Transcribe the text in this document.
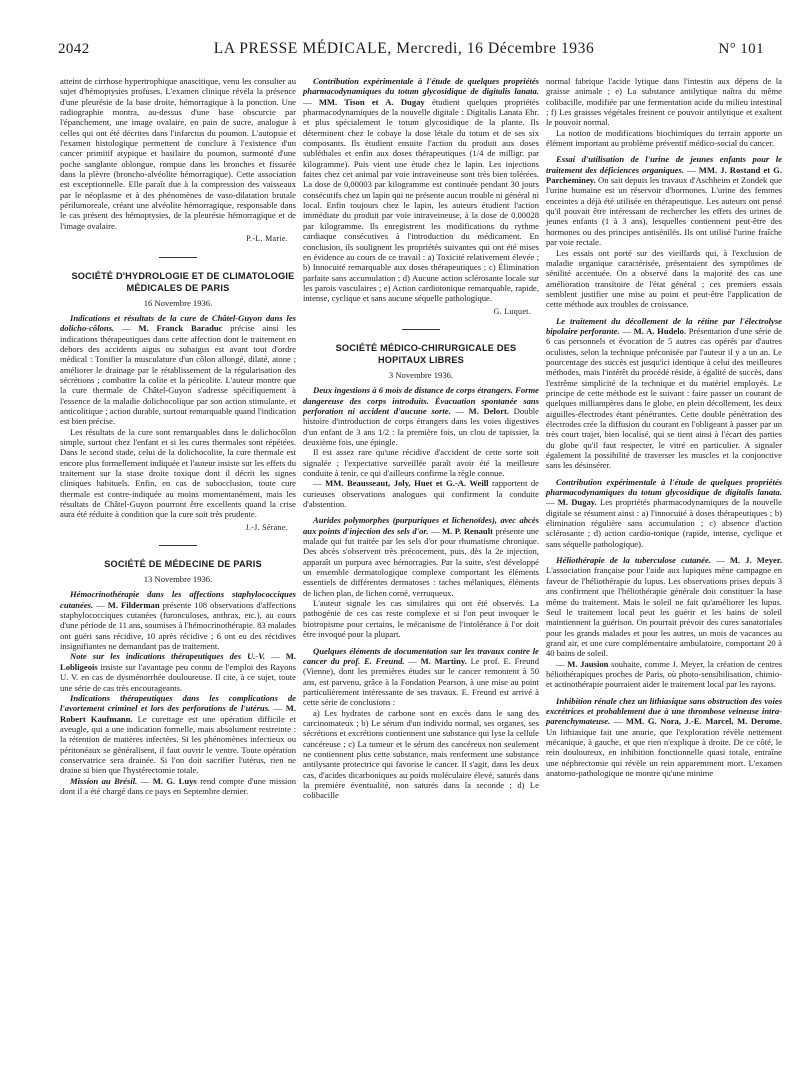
2042	LA PRESSE MÉDICALE, Mercredi, 16 Décembre 1936	N° 101

atteint de cirrhose hypertrophique anascitique, venu les consulter au sujet d'hémoptysies profuses. L'examen clinique révéla la présence d'une pleurésie de la base droite, hémorragique à la ponction. Une radiographie montra, au-dessus d'une base obscurcie par l'épanchement, une image ovalaire, en pain de sucre, analogue à celles qui ont été décrites dans l'infarctus du poumon. L'autopsie et l'examen histologique permettent de conclure à l'existence d'un cancer primitif atypique et basilaire du poumon, surmonté d'une poche sanglante oblongue, rompue dans les bronches et fissurée dans la plèvre (broncho-alvéolite hémorragique). Cette association est exceptionnelle. Elle paraît due à la compression des vaisseaux par le néoplasme et à des phénomènes de vaso-dilatation brutale périlumoreale, créant une alvéolite hémorragique, responsable dans le cas présent des hémoptysies, de la pleurésie hémorragique et de l'image ovalaire.

P.-L. Marie.

SOCIÉTÉ D'HYDROLOGIE ET DE CLIMATOLOGIE MÉDICALES DE PARIS

16 Novembre 1936.

Indications et résultats de la cure de Châtel-Guyon dans les dolicho-côlons. — M. Franck Baraduc précise ainsi les indications thérapeutiques dans cette affection dont le traitement en dehors des accidents aigus ou subaigus est avant tout d'ordre médical : Tonifier la musculature d'un côlon allongé, dilaté, atone ; améliorer le drainage par le rétablissement de la régularisation des sécrétions ; combattre la colite et la péricolite. L'auteur montre que la cure thermale de Châtel-Guyon s'adresse spécifiquement à l'essence de la maladie dolichocolique par son action stimulante, et anticolitique ; action durable, surtout remarquable quand l'indication est bien précise.

Les résultats de la cure sont remarquables dans le dolichocôlon simple, surtout chez l'enfant et si les cures thermales sont répétées. Dans le second stade, celui de la dolichocolite, la cure thermale est encore plus formellement indiquée et l'auteur insiste sur les effets du traitement sur la stase droite toxique dont il décrit les signes cliniques habituels. Enfin, en cas de subocclusion, toute cure thermale est contre-indiquée au moins momentanément, mais les résultats de Châtel-Guyon pourront être excellents quand la crise aura été réduite à condition que la cure soit très prudente.

J.-J. Sérane.

SOCIÉTÉ DE MÉDECINE DE PARIS

13 Novembre 1936.

Hémocrinothérapie dans les affections staphylococciques cutanées. — M. Filderman présente 108 observations d'affections staphylococciques cutanées (furonculoses, anthrax, etc.), au cours d'une période de 11 ans, soumises à l'hémocrinothérapie. 83 malades ont guéri sans récidive, 10 après récidive ; 6 ont eu des récidives insignifiantes ne demandant pas de traitement.

Note sur les indications thérapeutiques des U.-V. — M. Lobligeois insiste sur l'avantage peu connu de l'emploi des Rayons U. V. en cas de dysménorrhée douloureuse. Il cite, à ce sujet, toute une série de cas très encourageants.

Indications thérapeutiques dans les complications de l'avortement criminel et lors des perforations de l'utérus. — M. Robert Kaufmann. Le curettage est une opération difficile et aveugle, qui a une indication formelle, mais absolument restreinte : la rétention de matières infectées. Si les phénomènes infectieux ou péritonéaux se généralisent, il faut ouvrir le ventre. Toute opération conservatrice sera drainée. Si l'on doit sacrifier l'utérus, rien ne draine si bien que l'hystérectomie totale.

Mission au Brésil. — M. G. Luys rend compte d'une mission dont il a été chargé dans ce pays en Septembre dernier.

Contribution expérimentale à l'étude de quelques propriétés pharmacodynamiques du totum glycosidique de digitalis lanata. — MM. Tison et A. Dugay étudient quelques propriétés pharmacodynamiques de la nouvelle digitale : Digitalis Lanata Ehr. et plus spécialement le totum glycosidique de la plante. Ils déterminent chez le cobaye la dose létale du totum et de ses six composants. Ils étudient ensuite l'action du produit aux doses subléthales et enfin aux doses thérapeutiques (1/4 de milligr. par kilogramme). Puis vient une étude chez le lapin. Les injections faites chez cet animal par voie intraveineuse sont très bien tolérées. La dose de 0,00003 par kilogramme est continuée pendant 30 jours consécutifs chez un lapin qui ne présente aucun trouble ni général ni local. Enfin toujours chez le lapin, les auteurs étudient l'action immédiate du produit par voie intraveineuse, à la dose de 0.00028 par kilogramme. Ils enregistrent les modifications du rythme cardiaque consécutives à l'introduction du médicament. En conclusion, ils soulignent les propriétés suivantes qui ont été mises en évidence au cours de ce travail : a) Toxicité relativement élevée ; b) Innocuité remarquable aux doses thérapeutiques ; c) Élimination parfaite sans accumulation ; d) Aucune action sclérosante locale sur les parois vasculaires ; e) Action cardiotonique remarquable, rapide, intense, cyclique et sans aucune séquelle pathologique.

G. Luquet.

SOCIÉTÉ MÉDICO-CHIRURGICALE DES HOPITAUX LIBRES

3 Novembre 1936.

Deux ingestions à 6 mois de distance de corps étrangers. Forme dangereuse des corps introduits. Évacuation spontanée sans perforation ni accident d'aucune sorte. — M. Delort. Double histoire d'introduction de corps étrangers dans les voies digestives d'un enfant de 3 ans 1/2 : la première fois, un clou de tapissier, la deuxième fois, une épingle.

Il est assez rare qu'une récidive d'accident de cette sorte soit signalée ; l'expectative surveillée paraît avoir été la meilleure conduite à tenir, ce qui d'ailleurs confirme la règle connue.

— MM. Beausseaut, Joly, Huet et G.-A. Weill rapportent de curieuses observations analogues qui confirment la conduite d'abstention.

Aurides polymorphes (purpuriques et lichenoïdes), avec abcès aux points d'injection des sels d'or. — M. P. Renault présente une malade qui fut traitée par les sels d'or pour rhumatisme chronique. Des abcès s'observent très précocement, puis, dès la 2e injection, apparaît un purpura avec hémorragies. Par la suite, s'est développé un ensemble dermatologique complexe comportant les éléments essentiels de différentes dermatoses : taches mélaniques, éléments de lichen plan, de lichen corné, verruqueux.

L'auteur signale les cas similaires qui ont été observés. La pathogénie de ces cas reste complexe et si l'on peut invoquer le biotropisme pour certains, le mécanisme de l'intolérance à l'or doit être invoqué pour la plupart.

Quelques éléments de documentation sur les travaux contre le cancer du prof. E. Freund. — M. Martiny. Le prof. E. Freund (Vienne), dont les premières études sur le cancer remontent à 50 ans, est parvenu, grâce à la Fondation Pearson, à une mise au point particulièrement intéressante de ses travaux. E. Freund est arrivé à cette série de conclusions :

a) Les hydrates de carbone sont en excès dans le sang des carcinomateux ; b) Le sérum d'un individu normal, ses organes, ses sécrétions et excrétions contiennent une substance qui lyse la cellule cancéreuse ; c) La tumeur et le sérum des cancéreux non seulement ne contiennent plus cette substance, mais renferment une substance antilysante protectrice qui favorise le cancer. Il s'agit, dans les deux cas, d'acides dicarboniques au poids moléculaire élevé, saturés dans la première éventualité, non saturés dans la seconde ; d) Le colibacille

normal fabrique l'acide lytique dans l'intestin aux dépens de la graisse animale ; e) La substance antilytique naîtra du même colibacille, modifiée par une fermentation acide du milieu intestinal ; f) Les graisses végétales freinent ce pouvoir antilytique et exaltent le pouvoir normal.

La notion de modifications biochimiques du terrain apporte un élément important au problème préventif médico-social du cancer.

Essai d'utilisation de l'urine de jeunes enfants pour le traitement des déficiences organiques. — MM. J. Rostand et G. Parcheminey. On sait depuis les travaux d'Aschheim et Zondek que l'urine humaine est un réservoir d'hormones. L'urine des femmes enceintes a déjà été utilisée en thérapeutique. Les auteurs ont pensé qu'il pouvait être intéressant de rechercher les effets des urines de jeunes enfants (1 à 3 ans), lesquelles contiennent peut-être des hormones ou des principes antisénilés. Ils ont utilisé l'urine fraîche par voie rectale.

Les essais ont porté sur des vieillards qui, à l'exclusion de maladie organique caractérisée, présentaient des symptômes de sénilité accentuée. On a observé dans la majorité des cas une amélioration transitoire de l'état général ; ces premiers essais semblent justifier une mise au point et peut-être l'application de cette méthode aux troubles de croissance.

Le traitement du décollement de la rétine par l'électrolyse bipolaire perforante. — M. A. Hudelo. Présentation d'une série de 6 cas personnels et évocation de 5 autres cas opérés par d'autres oculistes, selon la technique préconisée par l'auteur il y a un an. Le pourcentage des succès est jusqu'ici identique à celui des meilleures méthodes, mais l'intérêt du procédé réside, à égalité de succès, dans l'extrême simplicité de la technique et du matériel employés. Le principe de cette méthode est le suivant : faire passer un courant de quelques milliampères dans le globe, en plein décollement, les deux aiguilles-électrodes étant pénétrantes. Cette double pénétration des électrodes crée la diffusion du courant en l'obligeant à passer par un très court trajet, bien localisé, qui se tient ainsi à l'écart des parties du globe qu'il faut respecter, le vitré en particulier. A signaler également la possibilité de traverser les muscles et la conjonctive sans les désinsérer.

Contribution expérimentale à l'étude de quelques propriétés pharmacodynamiques du totum glycosidique de digitalis lanata. — M. Dugay. Les propriétés pharmacodynamiques de la nouvelle digitale se résument ainsi : a) l'innocuité à doses thérapeutiques ; b) élimination régulière sans accumulation ; c) absence d'action sclérosante ; d) action cardio-tonique (rapide, intense, cyclique et sans séquelle pathologique).

Héliothérapie de la tuberculose cutanée. — M. J. Meyer. L'association française pour l'aide aux lupiques mène campagne en faveur de l'héliothérapie du lupus. Les observations prises depuis 3 ans confirment que l'héliothérapie générale doit constituer la base même du traitement. Mais le soleil ne fait qu'améliorer les lupus. Seul le traitement local peut les guérir et les bains de soleil maintiennent la guérison. On pourrait prévoir des cures sanatoriales pour les grands malades et pour les autres, un mois de vacances au grand air, et une cure complémentaire ambulatoire, comportant 20 à 40 bains de soleil.

— M. Jausion souhaite, comme J. Meyer, la création de centres héliothérapiques proches de Paris, où photo-sensibilisation, chimio- et actinothérapie pourraient aider le traitement local par les rayons.

Inhibition rénale chez un lithiasique sans obstruction des voies excrétrices et probablement due à une thrombose veineuse intra-parenchymateuse. — MM. G. Nora, J.-E. Marcel, M. Derome. Un lithiasique fait une anurie, que l'exploration révèle nettement mécanique, à gauche, et que rien n'explique à droite. De ce côté, le rein douloureux, en inhibition fonctionnelle quasi totale, entraîne une néphrectomie qui révèle un rein apparemment mort. L'examen anatomo-pathologique ne montre qu'une minime
